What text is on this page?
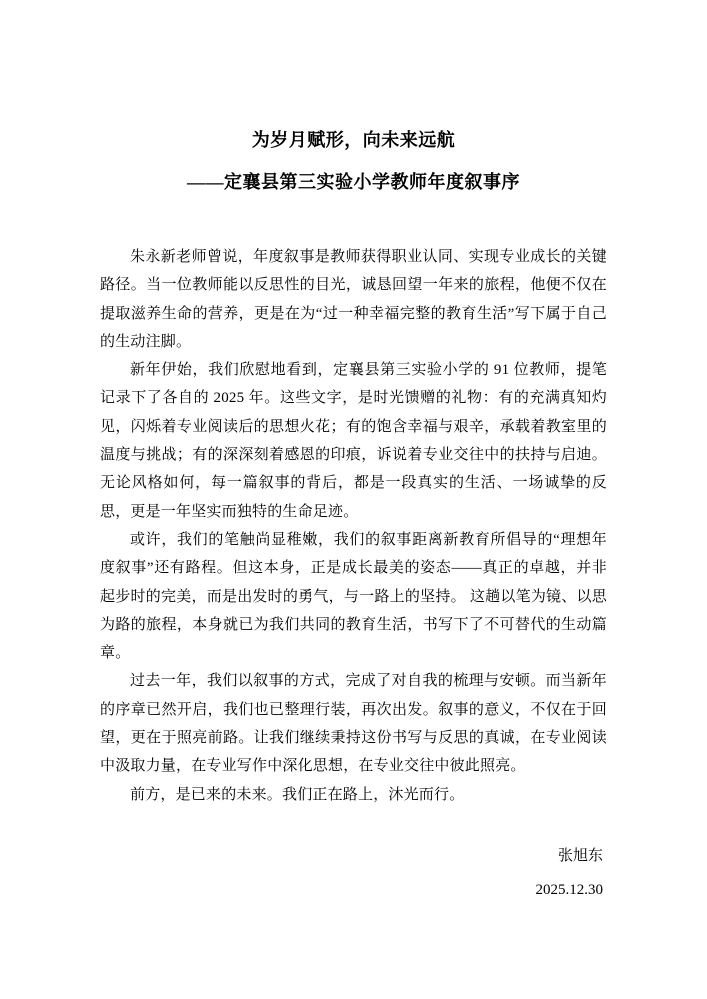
为岁月赋形，向未来远航
——定襄县第三实验小学教师年度叙事序

朱永新老师曾说，年度叙事是教师获得职业认同、实现专业成长的关键路径。当一位教师能以反思性的目光，诚恳回望一年来的旅程，他便不仅在提取滋养生命的营养，更是在为“过一种幸福完整的教育生活”写下属于自己的生动注脚。

新年伊始，我们欣慰地看到，定襄县第三实验小学的 91 位教师，提笔记录下了各自的 2025 年。这些文字，是时光馈赠的礼物：有的充满真知灼见，闪烁着专业阅读后的思想火花；有的饱含幸福与艰辛，承载着教室里的温度与挑战；有的深深刻着感恩的印痕，诉说着专业交往中的扶持与启迪。无论风格如何，每一篇叙事的背后，都是一段真实的生活、一场诚挚的反思，更是一年坚实而独特的生命足迹。

或许，我们的笔触尚显稚嫩，我们的叙事距离新教育所倡导的“理想年度叙事”还有路程。但这本身，正是成长最美的姿态——真正的卓越，并非起步时的完美，而是出发时的勇气，与一路上的坚持。 这趟以笔为镜、以思为路的旅程，本身就已为我们共同的教育生活，书写下了不可替代的生动篇章。

过去一年，我们以叙事的方式，完成了对自我的梳理与安顿。而当新年的序章已然开启，我们也已整理行装，再次出发。叙事的意义，不仅在于回望，更在于照亮前路。让我们继续秉持这份书写与反思的真诚，在专业阅读中汲取力量，在专业写作中深化思想，在专业交往中彼此照亮。

前方，是已来的未来。我们正在路上，沐光而行。

张旭东
2025.12.30
